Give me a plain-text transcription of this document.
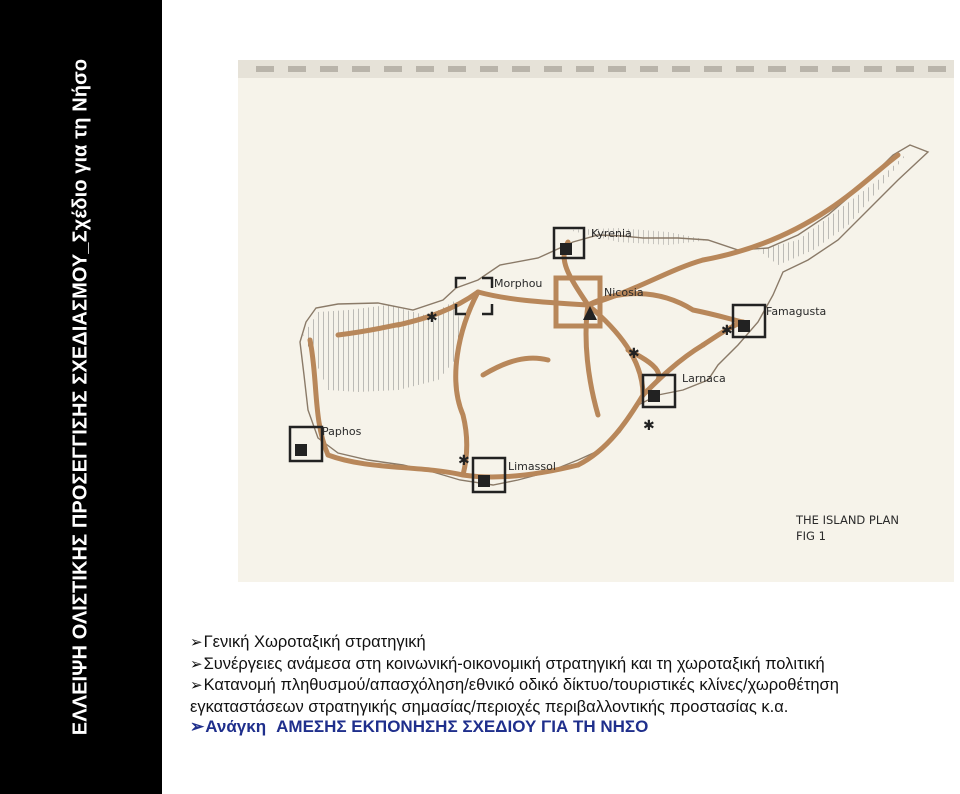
ΕΛΛΕΙΨΗ ΟΛΙΣΤΙΚΗΣ ΠΡΟΣΕΓΓΙΣΗΣ ΣΧΕΔΙΑΣΜΟΥ_Σχέδιο για τη Νήσο	✱
✱
✱
✱
✱
Kyrenia
Morphou
Nicosia
Famagusta
Larnaca
Paphos
Limassol
THE ISLAND PLAN
FIG 1
➢Γενική Χωροταξική στρατηγική
➢Συνέργειες ανάμεσα στη κοινωνική-οικονομική στρατηγική και τη χωροταξική πολιτική
➢Κατανομή πληθυσμού/απασχόληση/εθνικό οδικό δίκτυο/τουριστικές κλίνες/χωροθέτηση
εγκαταστάσεων στρατηγικής σημασίας/περιοχές περιβαλλοντικής προστασίας κ.α.
➢Ανάγκη ΑΜΕΣΗΣ ΕΚΠΟΝΗΣΗΣ ΣΧΕΔΙΟΥ ΓΙΑ ΤΗ ΝΗΣΟ
